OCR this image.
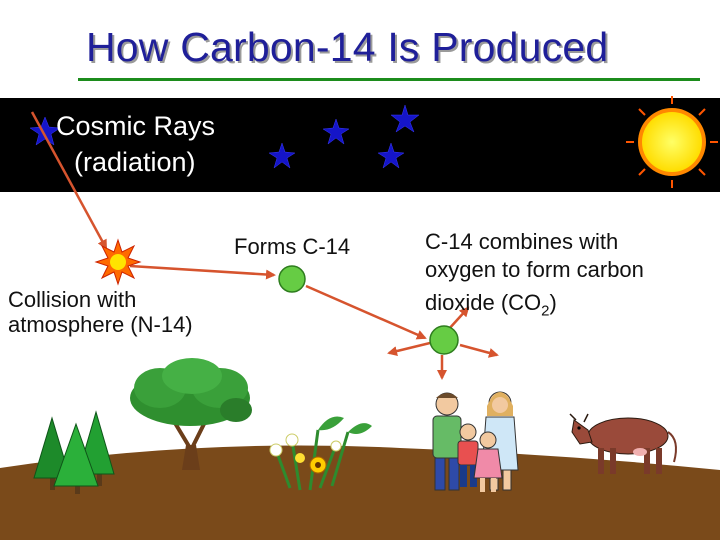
How Carbon-14 Is Produced
Cosmic Rays
(radiation)
Forms C-14
Collision with
atmosphere (N-14)
C-14 combines with
oxygen to form carbon
dioxide $(CO_2)$
